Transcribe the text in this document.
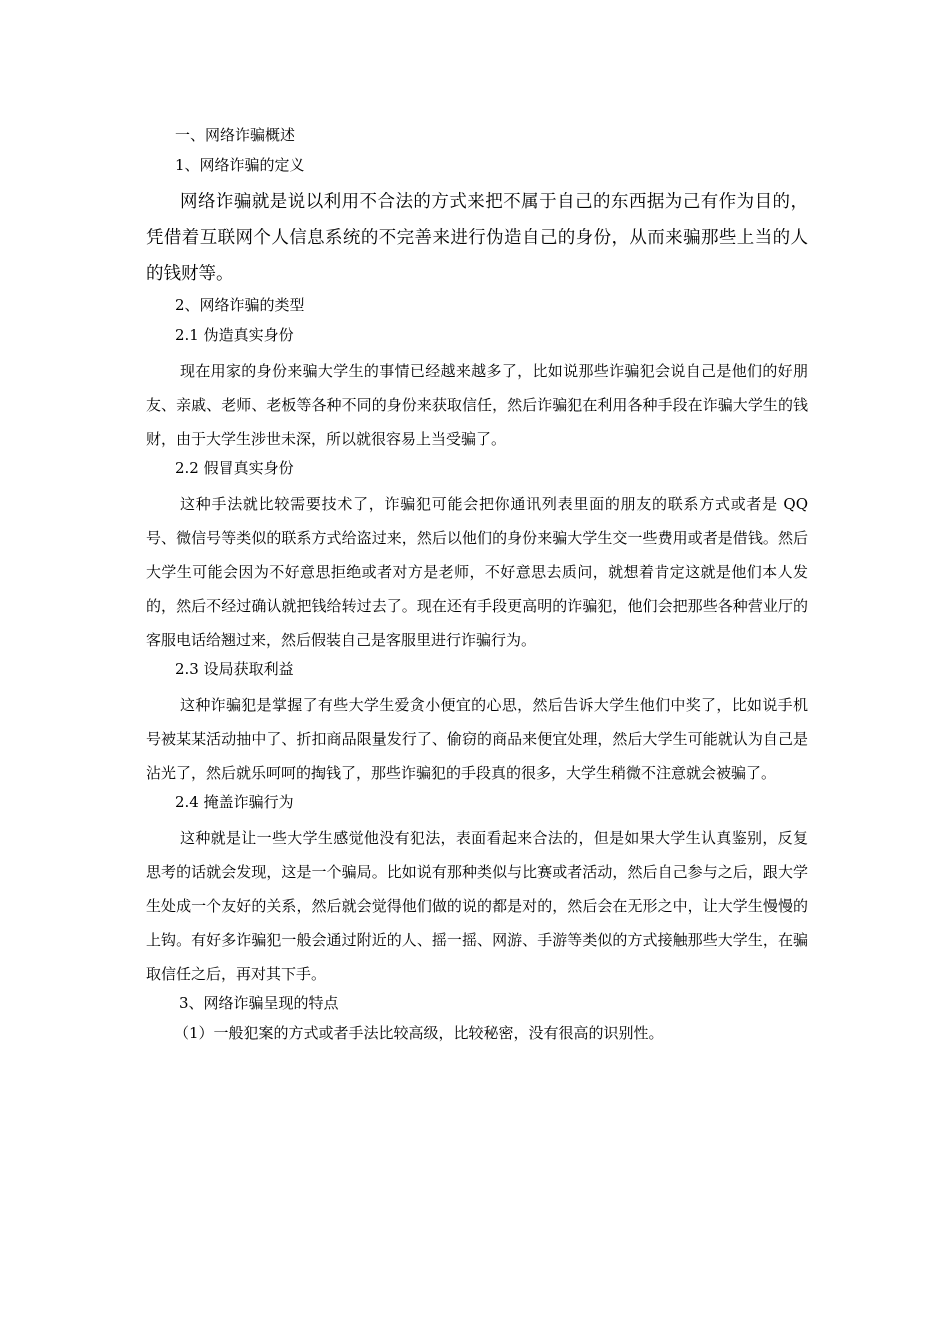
一、网络诈骗概述
1、网络诈骗的定义

网络诈骗就是说以利用不合法的方式来把不属于自己的东西据为己有作为目的，凭借着互联网个人信息系统的不完善来进行伪造自己的身份，从而来骗那些上当的人的钱财等。

2、网络诈骗的类型
2.1 伪造真实身份

现在用家的身份来骗大学生的事情已经越来越多了，比如说那些诈骗犯会说自己是他们的好朋友、亲戚、老师、老板等各种不同的身份来获取信任，然后诈骗犯在利用各种手段在诈骗大学生的钱财，由于大学生涉世未深，所以就很容易上当受骗了。

2.2 假冒真实身份

这种手法就比较需要技术了，诈骗犯可能会把你通讯列表里面的朋友的联系方式或者是 QQ 号、微信号等类似的联系方式给盗过来，然后以他们的身份来骗大学生交一些费用或者是借钱。然后大学生可能会因为不好意思拒绝或者对方是老师，不好意思去质问，就想着肯定这就是他们本人发的，然后不经过确认就把钱给转过去了。现在还有手段更高明的诈骗犯，他们会把那些各种营业厅的客服电话给翘过来，然后假装自己是客服里进行诈骗行为。

2.3 设局获取利益

这种诈骗犯是掌握了有些大学生爱贪小便宜的心思，然后告诉大学生他们中奖了，比如说手机号被某某活动抽中了、折扣商品限量发行了、偷窃的商品来便宜处理，然后大学生可能就认为自己是沾光了，然后就乐呵呵的掏钱了，那些诈骗犯的手段真的很多，大学生稍微不注意就会被骗了。

2.4 掩盖诈骗行为

这种就是让一些大学生感觉他没有犯法，表面看起来合法的，但是如果大学生认真鉴别，反复思考的话就会发现，这是一个骗局。比如说有那种类似与比赛或者活动，然后自己参与之后，跟大学生处成一个友好的关系，然后就会觉得他们做的说的都是对的，然后会在无形之中，让大学生慢慢的上钩。有好多诈骗犯一般会通过附近的人、摇一摇、网游、手游等类似的方式接触那些大学生，在骗取信任之后，再对其下手。

3、网络诈骗呈现的特点
（1）一般犯案的方式或者手法比较高级，比较秘密，没有很高的识别性。
